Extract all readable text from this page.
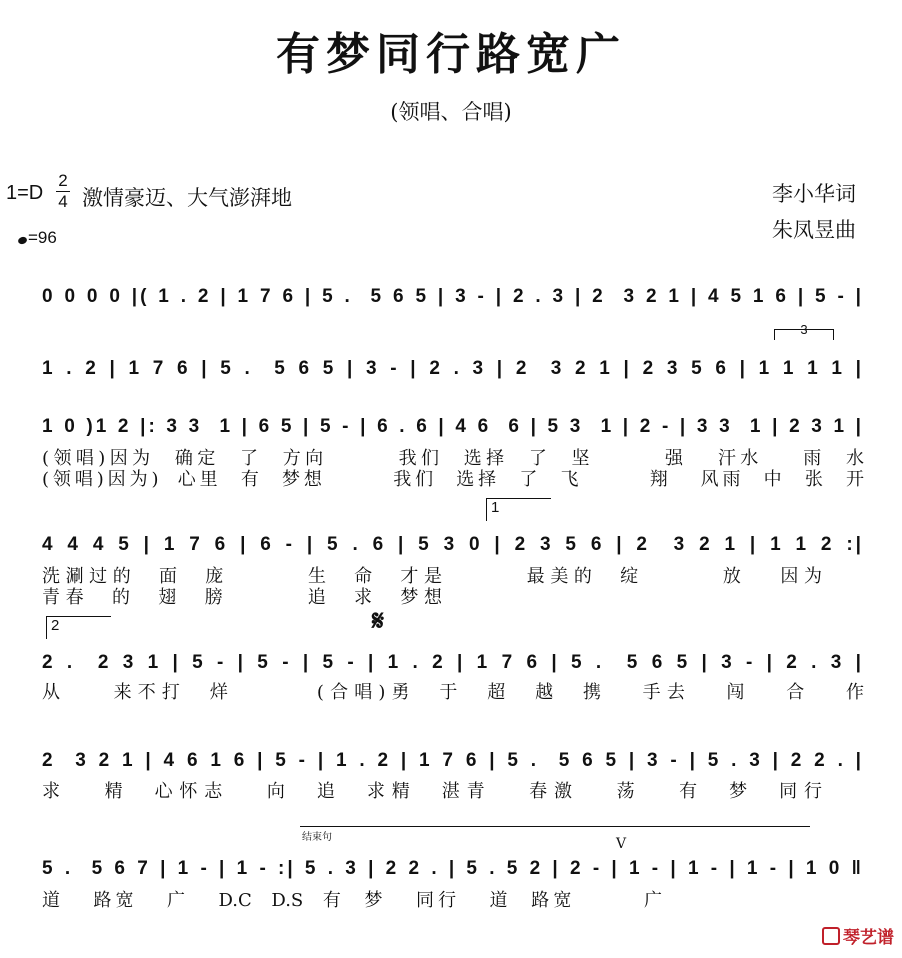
有梦同行路宽广
(领唱、合唱)
1=D
2
4 激情豪迈、大气澎湃地
=96
李小华词
朱凤昱曲
0 0 0 0 |( 1 . 2 | 1 7 6 | 5 .  5 6 5 | 3 - | 2 . 3 | 2  3 2 1 | 4 5 1 6 | 5 - |
3
1 . 2 | 1 7 6 | 5 .  5 6 5 | 3 - | 2 . 3 | 2  3 2 1 | 2 3 5 6 | 1 1 1 1 |
1 0 )1 2 |: 3 3  1 | 6 5 | 5 - | 6 . 6 | 4 6  6 | 5 3  1 | 2 - | 3 3  1 | 2 3 1 |
(领唱)因为  确定  了  方向       我们  选择  了  坚       强   汗水    雨  水
(领唱)因为)  心里  有  梦想       我们  选择  了  飞       翔   风雨  中  张  开
1
4 4 4 5 | 1 7 6 | 6 - | 5 . 6 | 5 3 0 | 2 3 5 6 | 2  3 2 1 | 1 1 2 :|
洗涮过的  面  庞       生  命  才是       最美的  绽       放   因为
青春  的  翅  膀       追  求  梦想
2	𝄋
2 .  2 3 1 | 5 - | 5 - | 5 - | 1 . 2 | 1 7 6 | 5 .  5 6 5 | 3 - | 2 . 3 |
从    来不打  烊       (合唱)勇  于  超  越  携   手去   闯   合   作
2  3 2 1 | 4 6 1 6 | 5 - | 1 . 2 | 1 7 6 | 5 .  5 6 5 | 3 - | 5 . 3 | 2 2 . |
求   精  心怀志   向  追  求精  湛青   春激   荡   有  梦  同行
结束句	V
5 .  5 6 7 | 1 - | 1 - :| 5 . 3 | 2 2 . | 5 . 5 2 | 2 - | 1 - | 1 - | 1 - | 1 0 ‖
道   路宽   广   D.C  D.S  有  梦   同行   道  路宽       广
琴艺谱
